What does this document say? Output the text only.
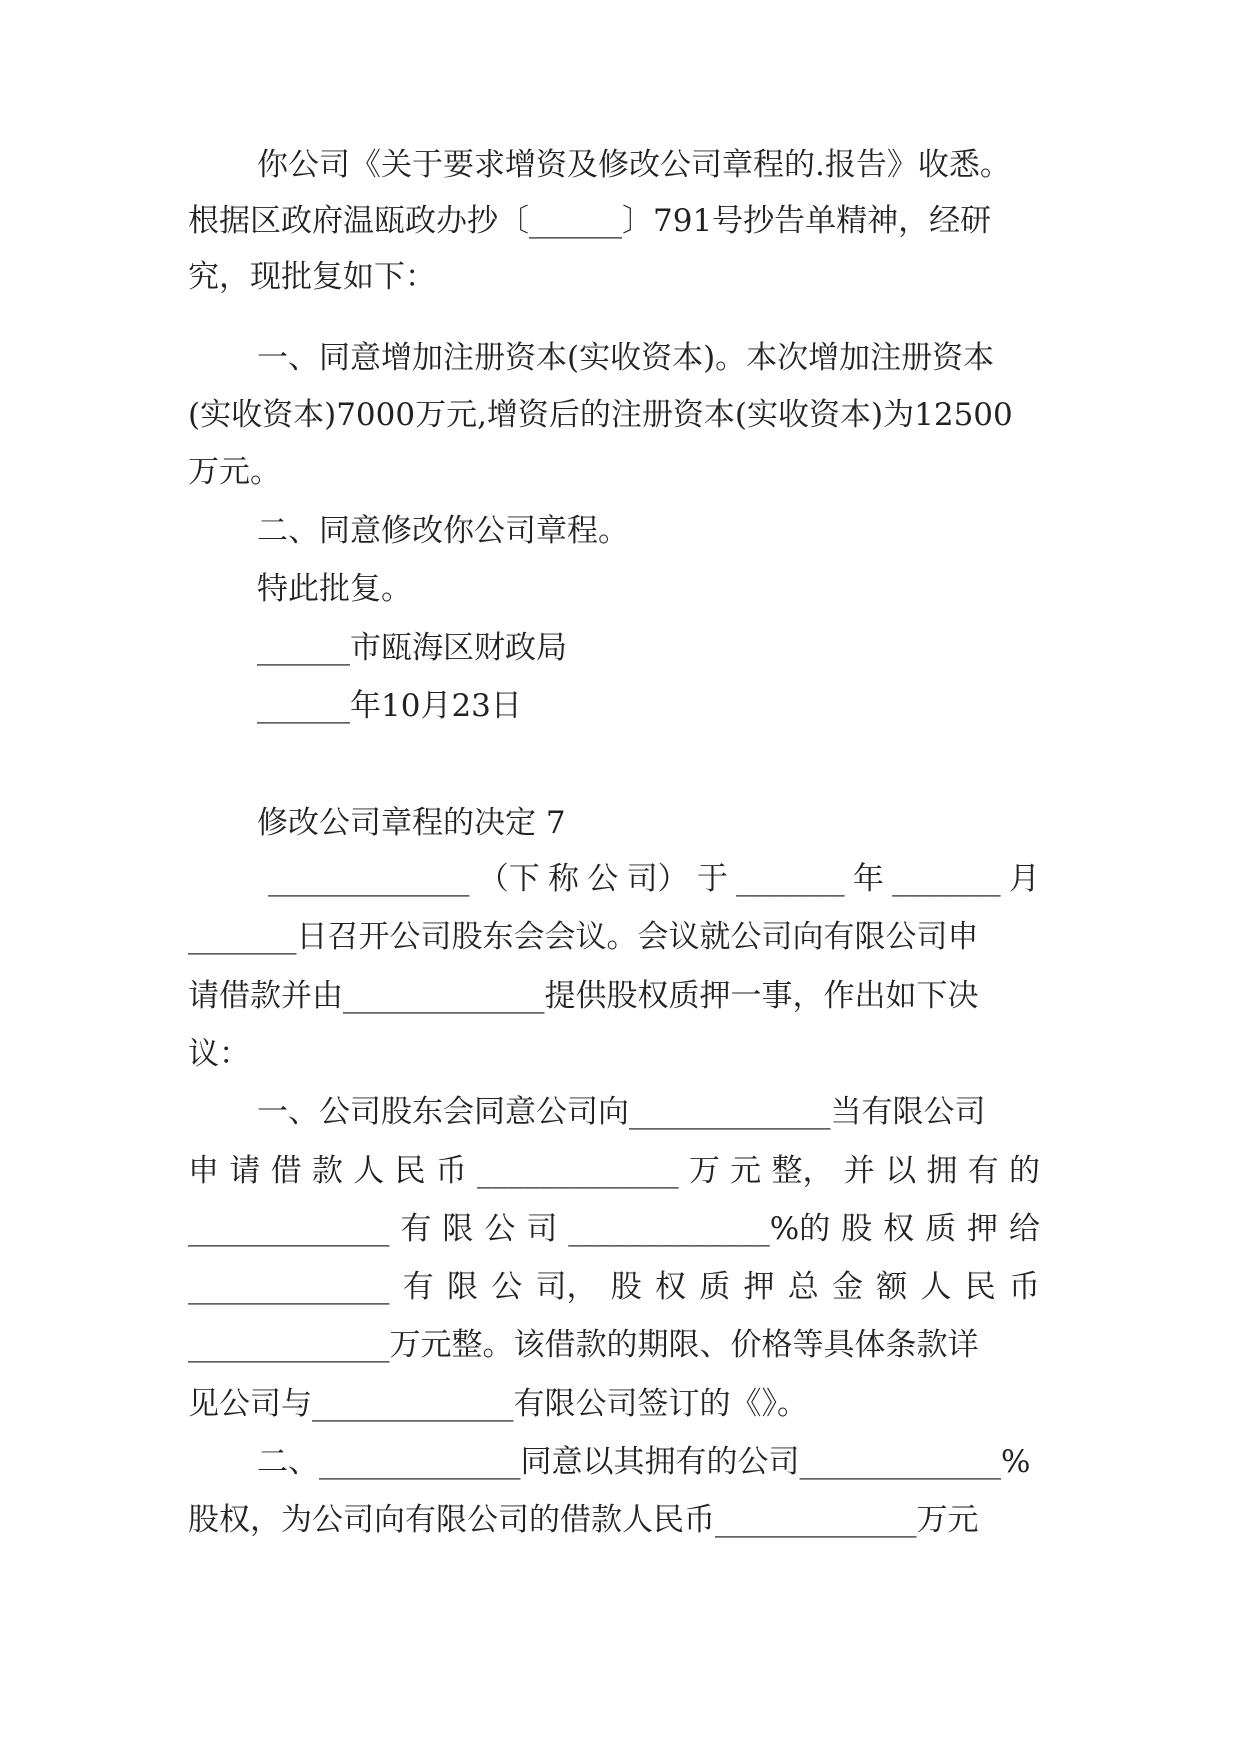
你公司《关于要求增资及修改公司章程的.报告》收悉。
根据区政府温瓯政办抄〔______〕791号抄告单精神，经研
究，现批复如下：
一、同意增加注册资本(实收资本)。本次增加注册资本
(实收资本)7000万元,增资后的注册资本(实收资本)为12500
万元。
二、同意修改你公司章程。
特此批复。
______市瓯海区财政局
______年10月23日
修改公司章程的决定 7
_____________ （下 称 公 司） 于 _______ 年 _______ 月
_______日召开公司股东会会议。会议就公司向有限公司申
请借款并由_____________提供股权质押一事，作出如下决
议：
一、公司股东会同意公司向_____________当有限公司
申 请 借 款 人 民 币 _____________ 万 元 整， 并 以 拥 有 的
_____________ 有 限 公 司 _____________%的 股 权 质 押 给
_____________ 有 限 公 司， 股 权 质 押 总 金 额 人 民 币
_____________万元整。该借款的期限、价格等具体条款详
见公司与_____________有限公司签订的《》。
二、_____________同意以其拥有的公司_____________%
股权，为公司向有限公司的借款人民币_____________万元
